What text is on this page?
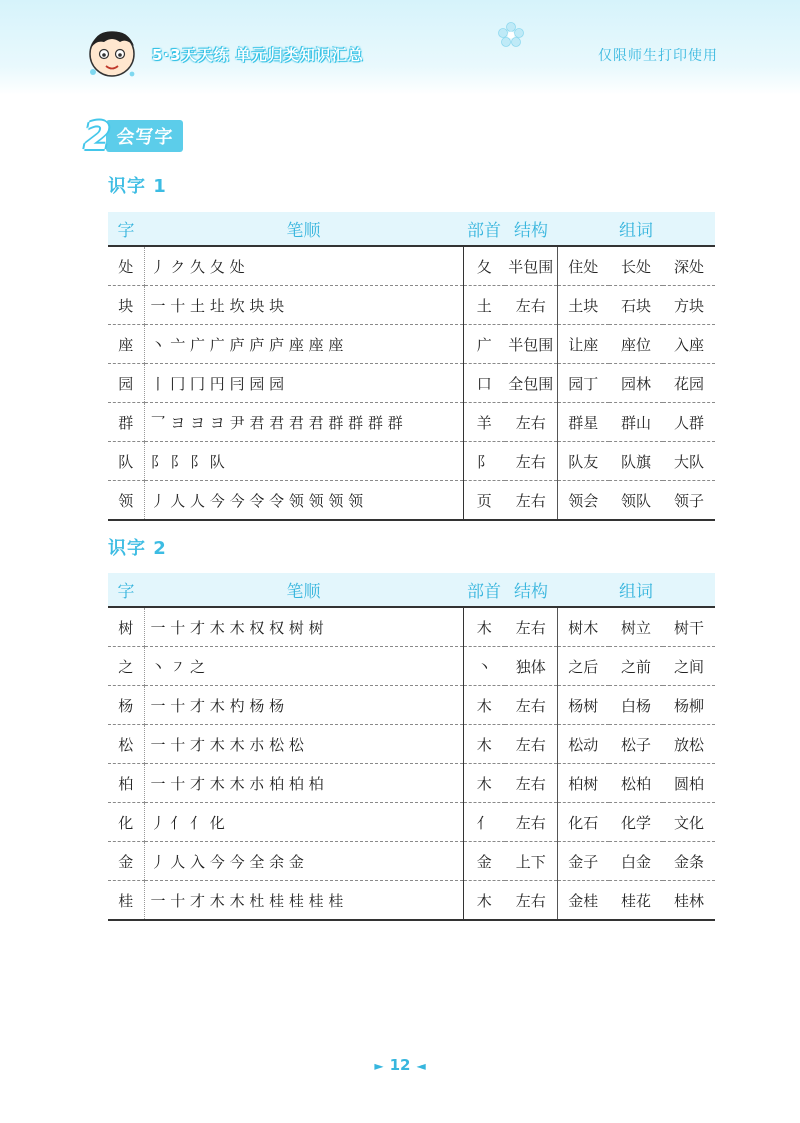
5·3天天练 单元归类知识汇总	仅限师生打印使用
2 会写字
识字 1
字	笔顺	部首	结构	组词		
处	丿 ク 久 夂 处	夂	半包围	住处	长处	深处
块	一 十 土 圵 坎 块 块	土	左右	土块	石块	方块
座	丶 亠 广 广 庐 庐 庐 座 座 座	广	半包围	让座	座位	入座
园	丨 冂 冂 円 冃 园 园	口	全包围	园丁	园林	花园
群	乛 ヨ ヨ ヨ 尹 君 君 君 君 群 群 群 群	羊	左右	群星	群山	人群
队	阝 阝 阝 队	阝	左右	队友	队旗	大队
领	丿 人 人 今 今 令 令 领 领 领 领	页	左右	领会	领队	领子
识字 2
字	笔顺	部首	结构	组词		
树	一 十 才 木 木 权 权 树 树	木	左右	树木	树立	树干
之	丶 ㇇ 之	丶	独体	之后	之前	之间
杨	一 十 才 木 杓 杨 杨	木	左右	杨树	白杨	杨柳
松	一 十 才 木 木 朩 松 松	木	左右	松动	松子	放松
柏	一 十 才 木 木 朩 柏 柏 柏	木	左右	柏树	松柏	圆柏
化	丿 亻 亻 化	亻	左右	化石	化学	文化
金	丿 人 入 今 今 全 余 金	金	上下	金子	白金	金条
桂	一 十 才 木 木 杜 桂 桂 桂 桂	木	左右	金桂	桂花	桂林
► 12 ◄
